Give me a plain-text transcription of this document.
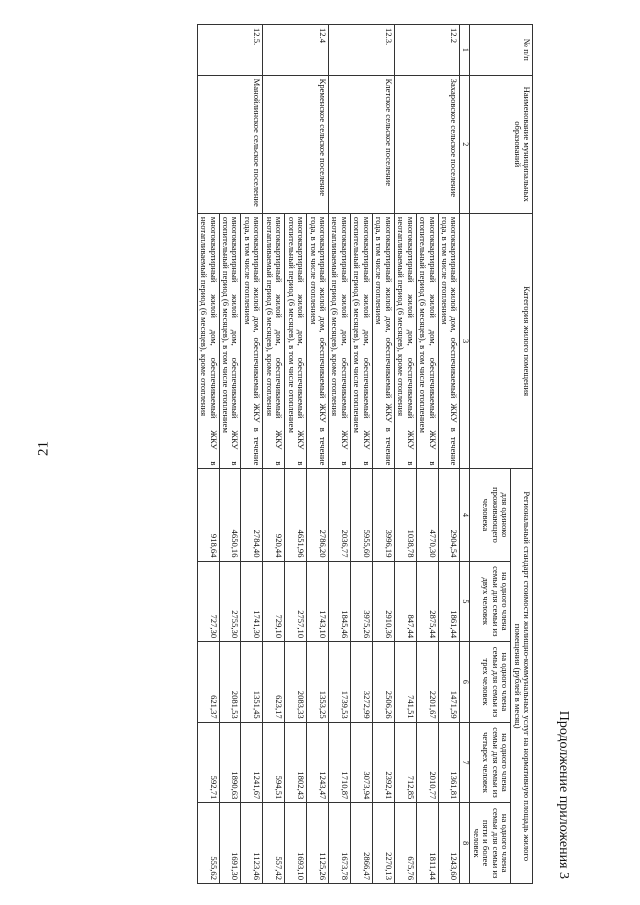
21
Продолжение приложения 3
№ п/п	Наименование муниципальных образований	Категория жилого помещения	Региональный стандарт стоимости жилищно-коммунальных услуг на нормативную площадь жилого помещения (рублей в месяц)				
			для одиноко проживающего человека	на одного члена семьи для семьи из двух человек	на одного члена семьи для семьи из трех человек	на одного члена семьи для семьи из четырех человек	на одного члена семьи для семьи из пяти и более человек
1	2	3	4	5	6	7	8
12.2	Захаровское сельское поселение	многоквартирный жилой дом, обеспечиваемый ЖКУ в течение года, в том числе отоплением	2904,54	1861,44	1471,59	1361,81	1243,60
		многоквартирный жилой дом, обеспечиваемый ЖКУ в отопительный период (6 месяцев), в том числе отоплением	4770,30	2875,44	2201,67	2010,77	1811,44
		многоквартирный жилой дом, обеспечиваемый ЖКУ в неотапливаемый период (6 месяцев), кроме отопления	1038,78	847,44	741,51	712,85	675,76
12.3.	Клетское сельское поселение	многоквартирный жилой дом, обеспечиваемый ЖКУ в течение года, в том числе отоплением	3996,19	2910,36	2506,26	2392,41	2270,13
		многоквартирный жилой дом, обеспечиваемый ЖКУ в отопительный период (6 месяцев), в том числе отоплением	5955,60	3975,26	3272,99	3073,94	2866,47
		многоквартирный жилой дом, обеспечиваемый ЖКУ в неотапливаемый период (6 месяцев), кроме отопления	2036,77	1845,46	1739,53	1710,87	1673,78
12.4	Кременское сельское поселение	многоквартирный жилой дом, обеспечиваемый ЖКУ в течение года, в том числе отоплением	2786,20	1743,10	1353,25	1243,47	1125,26
		многоквартирный жилой дом, обеспечиваемый ЖКУ в отопительный период (6 месяцев), в том числе отоплением	4651,96	2757,10	2083,33	1802,43	1693,10
		многоквартирный жилой дом, обеспечиваемый ЖКУ в неотапливаемый период (6 месяцев), кроме отопления	920,44	729,10	623,17	594,51	557,42
12.5.	Манойлинское сельское поселение	многоквартирный жилой дом, обеспечиваемый ЖКУ в течение года, в том числе отоплением	2784,40	1741,30	1351,45	1241,67	1123,46
		многоквартирный жилой дом, обеспечиваемый ЖКУ в отопительный период (6 месяцев), в том числе отоплением	4650,16	2755,30	2081,53	1890,63	1691,30
		многоквартирный жилой дом, обеспечиваемый ЖКУ в неотапливаемый период (6 месяцев), кроме отопления	918,64	727,30	621,37	592,71	555,62
